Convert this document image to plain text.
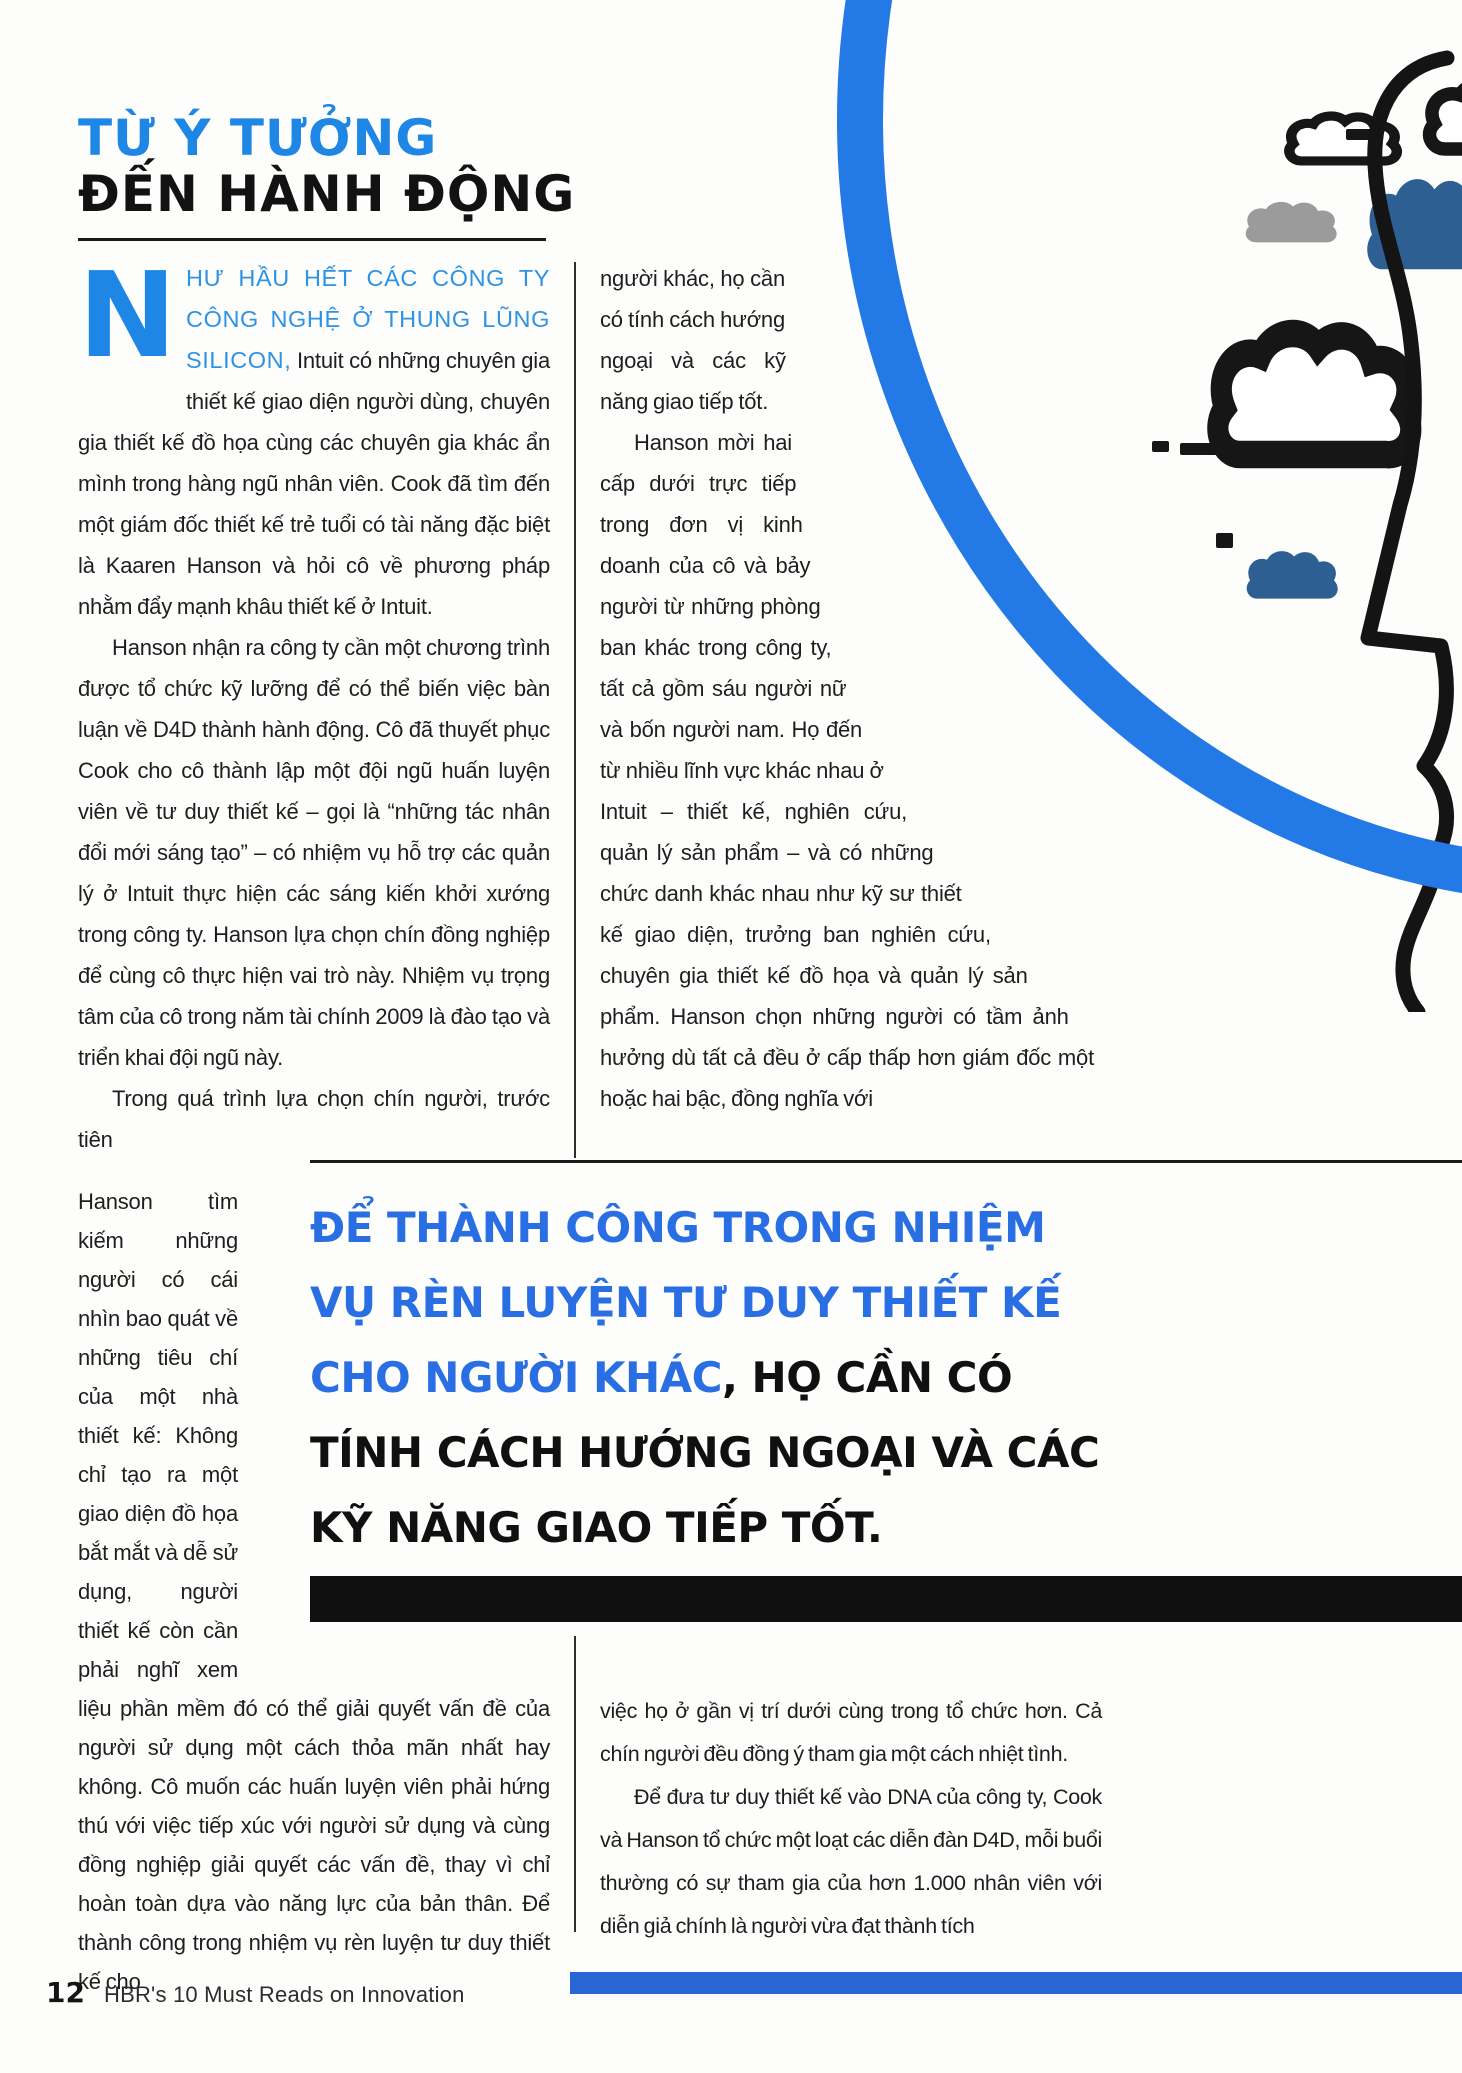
TỪ Ý TƯỞNG
ĐẾN HÀNH ĐỘNG

NHƯ HẦU HẾT CÁC CÔNG TY CÔNG NGHỆ Ở THUNG LŨNG SILICON, Intuit có những chuyên gia thiết kế giao diện người dùng, chuyên gia thiết kế đồ họa cùng các chuyên gia khác ẩn mình trong hàng ngũ nhân viên. Cook đã tìm đến một giám đốc thiết kế trẻ tuổi có tài năng đặc biệt là Kaaren Hanson và hỏi cô về phương pháp nhằm đẩy mạnh khâu thiết kế ở Intuit.

Hanson nhận ra công ty cần một chương trình được tổ chức kỹ lưỡng để có thể biến việc bàn luận về D4D thành hành động. Cô đã thuyết phục Cook cho cô thành lập một đội ngũ huấn luyện viên về tư duy thiết kế – gọi là “những tác nhân đổi mới sáng tạo” – có nhiệm vụ hỗ trợ các quản lý ở Intuit thực hiện các sáng kiến khởi xướng trong công ty. Hanson lựa chọn chín đồng nghiệp để cùng cô thực hiện vai trò này. Nhiệm vụ trọng tâm của cô trong năm tài chính 2009 là đào tạo và triển khai đội ngũ này.

Trong quá trình lựa chọn chín người, trước tiên

người khác, họ cần có tính cách hướng ngoại và các kỹ năng giao tiếp tốt.

Hanson mời hai cấp dưới trực tiếp trong đơn vị kinh doanh của cô và bảy người từ những phòng ban khác trong công ty, tất cả gồm sáu người nữ và bốn người nam. Họ đến từ nhiều lĩnh vực khác nhau ở Intuit – thiết kế, nghiên cứu, quản lý sản phẩm – và có những chức danh khác nhau như kỹ sư thiết kế giao diện, trưởng ban nghiên cứu, chuyên gia thiết kế đồ họa và quản lý sản phẩm. Hanson chọn những người có tầm ảnh hưởng dù tất cả đều ở cấp thấp hơn giám đốc một hoặc hai bậc, đồng nghĩa với

ĐỂ THÀNH CÔNG TRONG NHIỆM VỤ RÈN LUYỆN TƯ DUY THIẾT KẾ CHO NGƯỜI KHÁC, HỌ CẦN CÓ TÍNH CÁCH HƯỚNG NGOẠI VÀ CÁC KỸ NĂNG GIAO TIẾP TỐT.

Hanson tìm kiếm những người có cái nhìn bao quát về những tiêu chí của một nhà thiết kế: Không chỉ tạo ra một giao diện đồ họa bắt mắt và dễ sử dụng, người thiết kế còn cần phải nghĩ xem liệu phần mềm đó có thể giải quyết vấn đề của người sử dụng một cách thỏa mãn nhất hay không. Cô muốn các huấn luyện viên phải hứng thú với việc tiếp xúc với người sử dụng và cùng đồng nghiệp giải quyết các vấn đề, thay vì chỉ hoàn toàn dựa vào năng lực của bản thân. Để thành công trong nhiệm vụ rèn luyện tư duy thiết kế cho

việc họ ở gần vị trí dưới cùng trong tổ chức hơn. Cả chín người đều đồng ý tham gia một cách nhiệt tình.

Để đưa tư duy thiết kế vào DNA của công ty, Cook và Hanson tổ chức một loạt các diễn đàn D4D, mỗi buổi thường có sự tham gia của hơn 1.000 nhân viên với diễn giả chính là người vừa đạt thành tích

12 HBR's 10 Must Reads on Innovation
